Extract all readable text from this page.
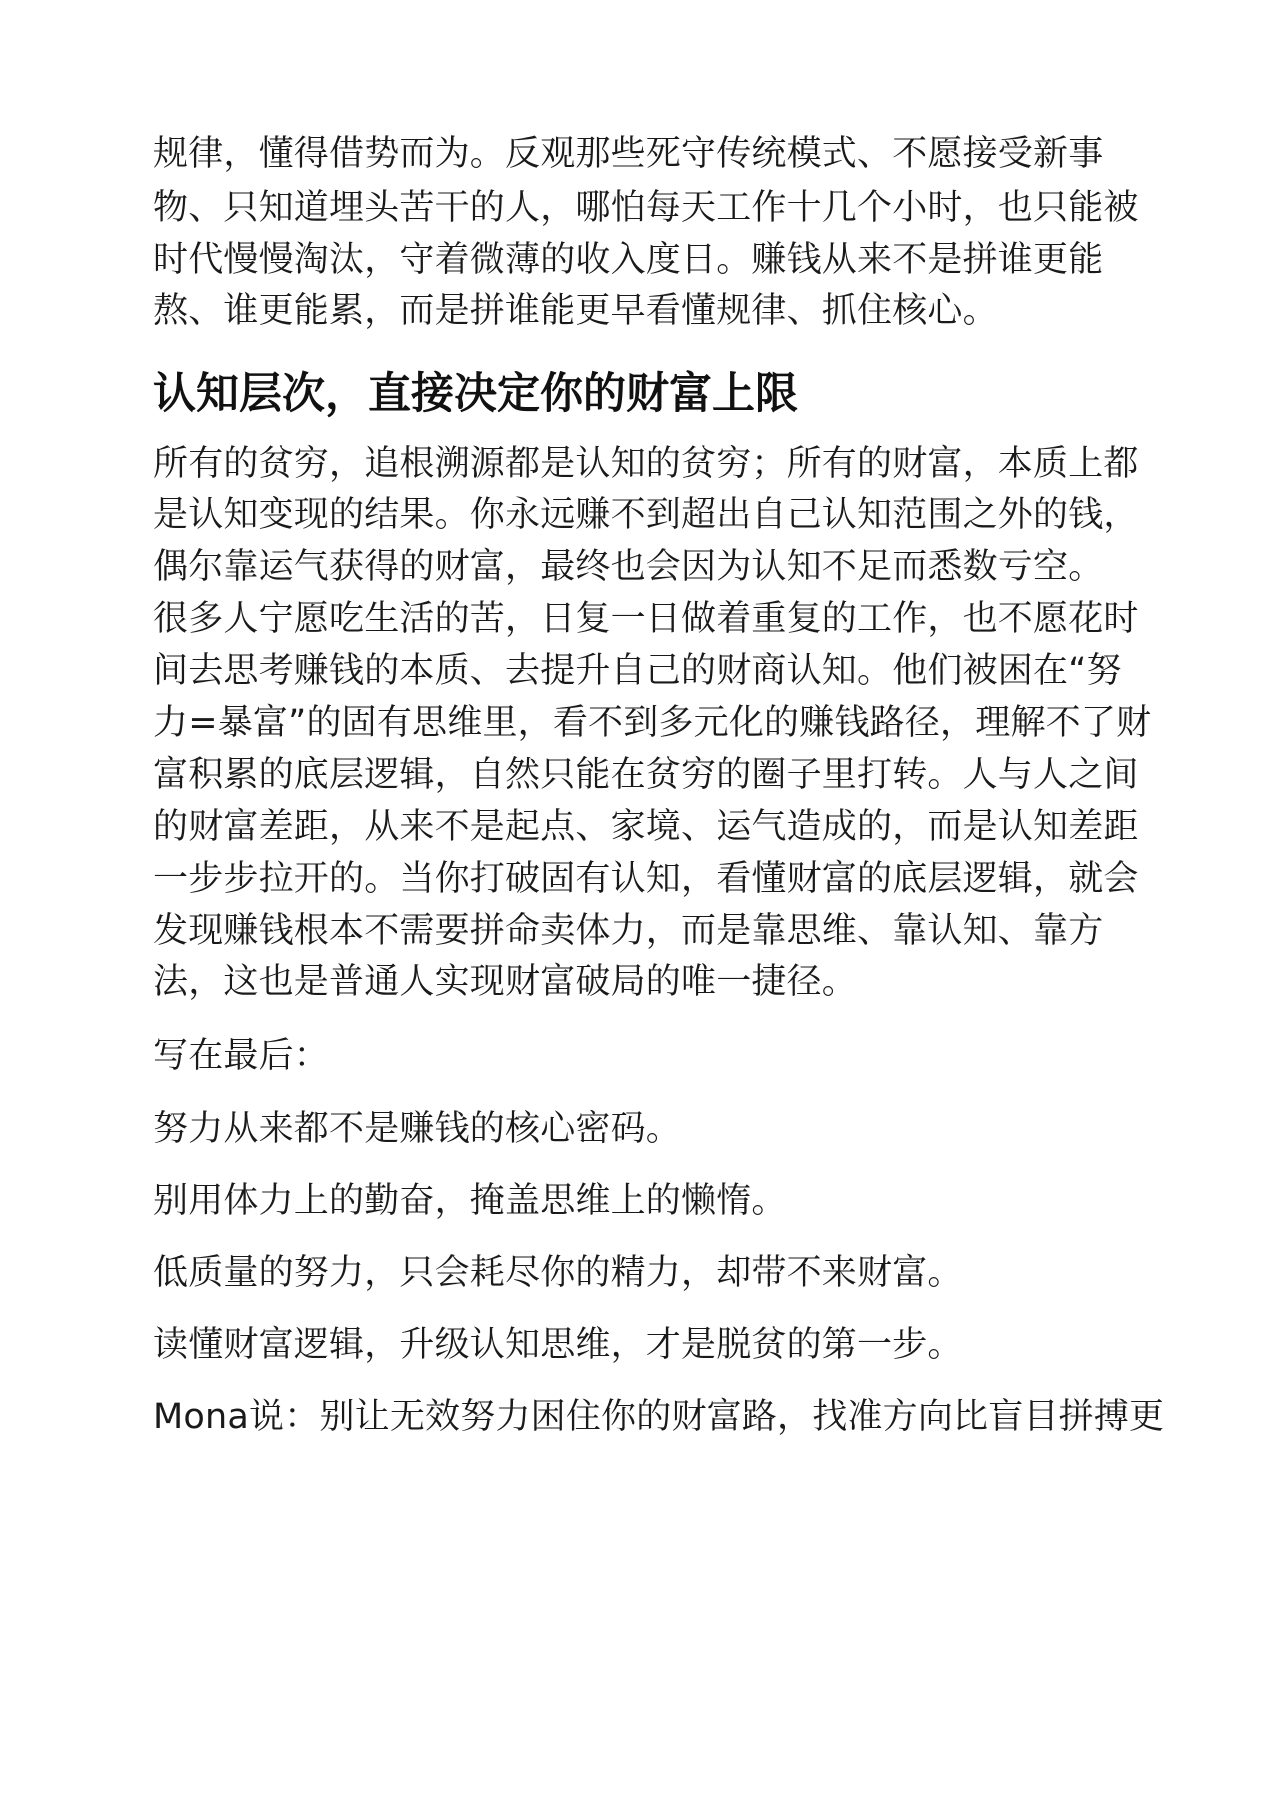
规律，懂得借势而为。反观那些死守传统模式、不愿接受新事
物、只知道埋头苦干的人，哪怕每天工作十几个小时，也只能被
时代慢慢淘汰，守着微薄的收入度日。赚钱从来不是拼谁更能
熬、谁更能累，而是拼谁能更早看懂规律、抓住核心。
认知层次，直接决定你的财富上限
所有的贫穷，追根溯源都是认知的贫穷；所有的财富，本质上都
是认知变现的结果。你永远赚不到超出自己认知范围之外的钱，
偶尔靠运气获得的财富，最终也会因为认知不足而悉数亏空。
很多人宁愿吃生活的苦，日复一日做着重复的工作，也不愿花时
间去思考赚钱的本质、去提升自己的财商认知。他们被困在“努
力=暴富”的固有思维里，看不到多元化的赚钱路径，理解不了财
富积累的底层逻辑，自然只能在贫穷的圈子里打转。人与人之间
的财富差距，从来不是起点、家境、运气造成的，而是认知差距
一步步拉开的。当你打破固有认知，看懂财富的底层逻辑，就会
发现赚钱根本不需要拼命卖体力，而是靠思维、靠认知、靠方
法，这也是普通人实现财富破局的唯一捷径。
写在最后：
努力从来都不是赚钱的核心密码。
别用体力上的勤奋，掩盖思维上的懒惰。
低质量的努力，只会耗尽你的精力，却带不来财富。
读懂财富逻辑，升级认知思维，才是脱贫的第一步。
Mona说：别让无效努力困住你的财富路，找准方向比盲目拼搏更
